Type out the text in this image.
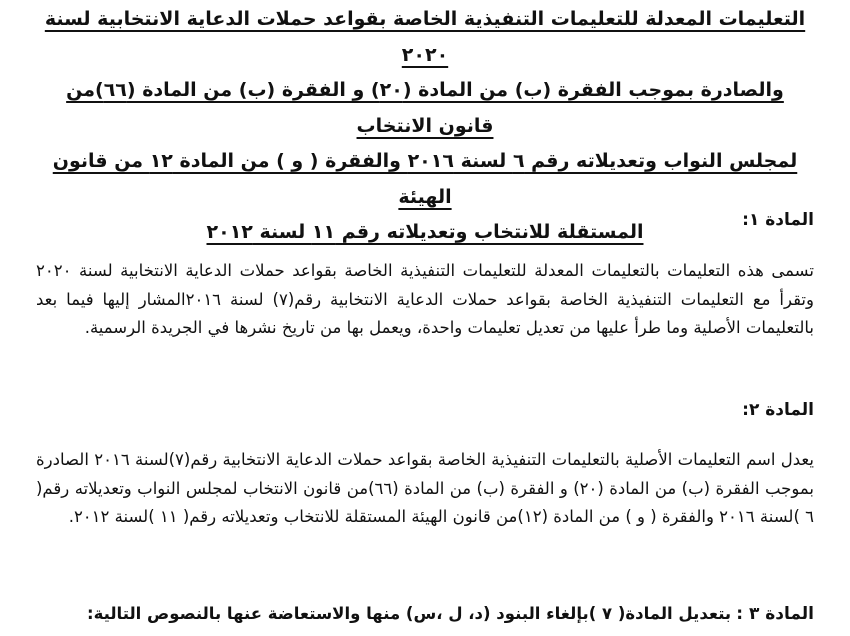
التعليمات المعدلة للتعليمات التنفيذية الخاصة بقواعد حملات الدعاية الانتخابية لسنة ٢٠٢٠
والصادرة بموجب الفقرة (ب) من المادة (٢٠) و الفقرة (ب) من المادة (٦٦)من قانون الانتخاب
لمجلس النواب وتعديلاته رقم ٦ لسنة ٢٠١٦ والفقرة ( و ) من المادة ١٢ من قانون الهيئة
المستقلة للانتخاب وتعديلاته رقم ١١ لسنة ٢٠١٢

المادة ١:

تسمى هذه التعليمات بالتعليمات المعدلة للتعليمات التنفيذية الخاصة بقواعد حملات الدعاية الانتخابية لسنة ٢٠٢٠ وتقرأ مع التعليمات التنفيذية الخاصة بقواعد حملات الدعاية الانتخابية رقم(٧) لسنة ٢٠١٦المشار إليها فيما بعد بالتعليمات الأصلية وما طرأ عليها من تعديل تعليمات واحدة، ويعمل بها من تاريخ نشرها في الجريدة الرسمية.

المادة ٢:

يعدل اسم التعليمات الأصلية بالتعليمات التنفيذية الخاصة بقواعد حملات الدعاية الانتخابية رقم(٧)لسنة ٢٠١٦ الصادرة بموجب الفقرة (ب) من المادة (٢٠) و الفقرة (ب) من المادة (٦٦)من قانون الانتخاب لمجلس النواب وتعديلاته رقم( ٦ )لسنة ٢٠١٦ والفقرة ( و ) من المادة (١٢)من قانون الهيئة المستقلة للانتخاب وتعديلاته رقم( ١١ )لسنة ٢٠١٢.

المادة ٣ : بتعديل المادة( ٧ )بإلغاء البنود (د، ل ،س) منها والاستعاضة عنها بالنصوص التالية:
